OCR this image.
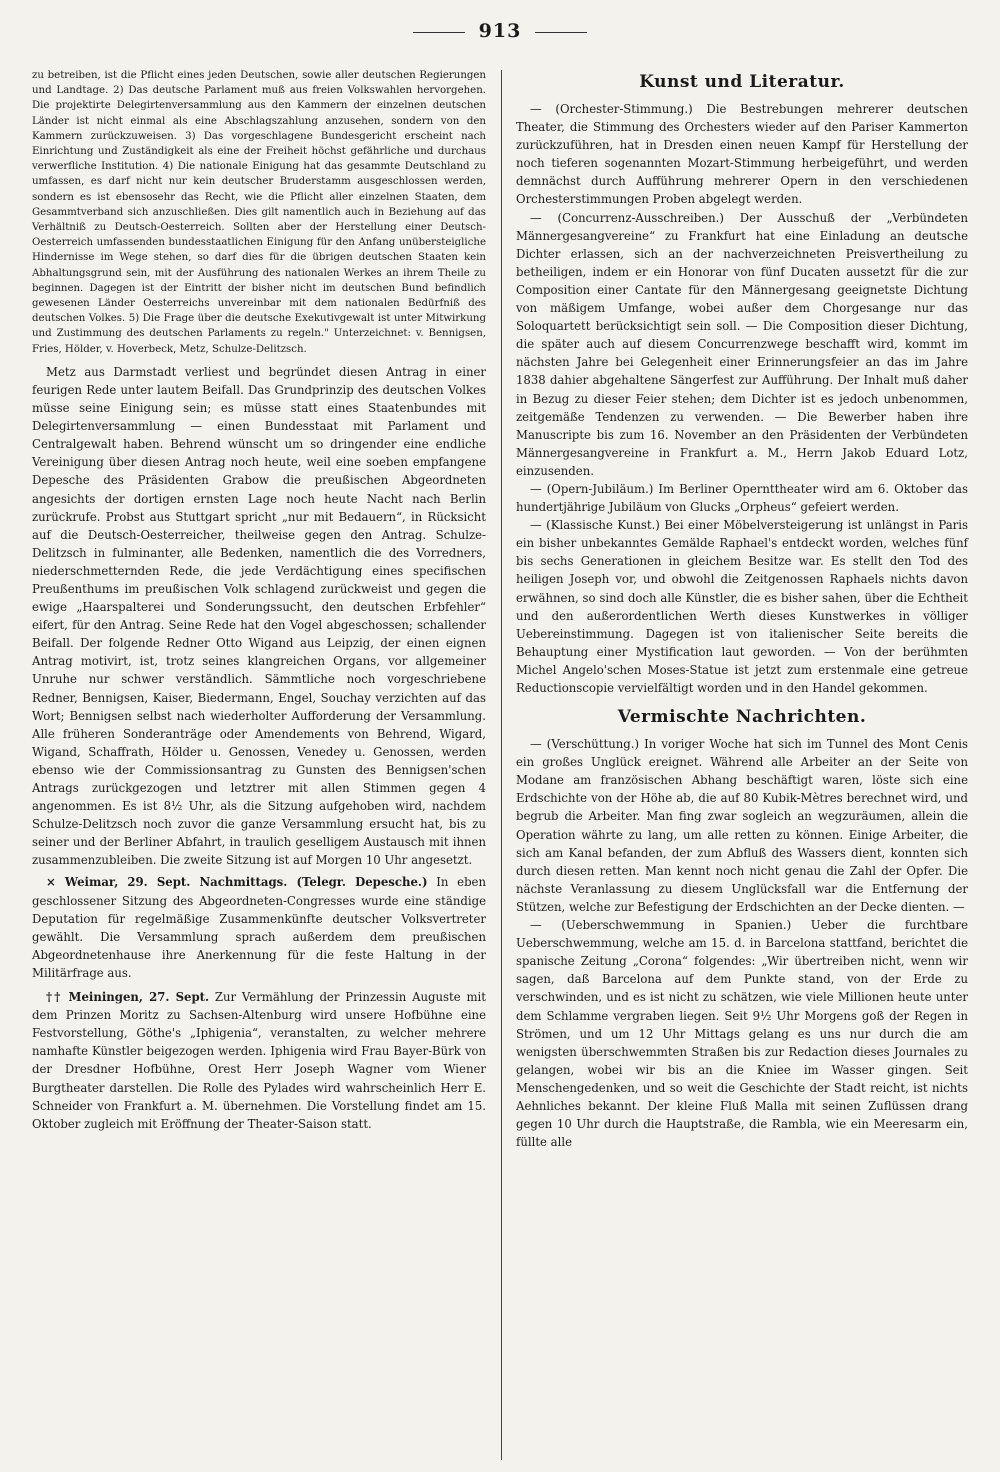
913

zu betreiben, ist die Pflicht eines jeden Deutschen, sowie aller deutschen Regierungen und Landtage. 2) Das deutsche Parlament muß aus freien Volkswahlen hervorgehen. Die projektirte Delegirtenversammlung aus den Kammern der einzelnen deutschen Länder ist nicht einmal als eine Abschlagszahlung anzusehen, sondern von den Kammern zurückzuweisen. 3) Das vorgeschlagene Bundesgericht erscheint nach Einrichtung und Zuständigkeit als eine der Freiheit höchst gefährliche und durchaus verwerfliche Institution. 4) Die nationale Einigung hat das gesammte Deutschland zu umfassen, es darf nicht nur kein deutscher Bruderstamm ausgeschlossen werden, sondern es ist ebensosehr das Recht, wie die Pflicht aller einzelnen Staaten, dem Gesammtverband sich anzuschließen. Dies gilt namentlich auch in Beziehung auf das Verhältniß zu Deutsch-Oesterreich. Sollten aber der Herstellung einer Deutsch-Oesterreich umfassenden bundesstaatlichen Einigung für den Anfang unübersteigliche Hindernisse im Wege stehen, so darf dies für die übrigen deutschen Staaten kein Abhaltungsgrund sein, mit der Ausführung des nationalen Werkes an ihrem Theile zu beginnen. Dagegen ist der Eintritt der bisher nicht im deutschen Bund befindlich gewesenen Länder Oesterreichs unvereinbar mit dem nationalen Bedürfniß des deutschen Volkes. 5) Die Frage über die deutsche Exekutivgewalt ist unter Mitwirkung und Zustimmung des deutschen Parlaments zu regeln." Unterzeichnet: v. Bennigsen, Fries, Hölder, v. Hoverbeck, Metz, Schulze-Delitzsch.

Metz aus Darmstadt verliest und begründet diesen Antrag in einer feurigen Rede unter lautem Beifall. Das Grundprinzip des deutschen Volkes müsse seine Einigung sein; es müsse statt eines Staatenbundes mit Delegirtenversammlung — einen Bundesstaat mit Parlament und Centralgewalt haben. Behrend wünscht um so dringender eine endliche Vereinigung über diesen Antrag noch heute, weil eine soeben empfangene Depesche des Präsidenten Grabow die preußischen Abgeordneten angesichts der dortigen ernsten Lage noch heute Nacht nach Berlin zurückrufe. Probst aus Stuttgart spricht „nur mit Bedauern“, in Rücksicht auf die Deutsch-Oesterreicher, theilweise gegen den Antrag. Schulze-Delitzsch in fulminanter, alle Bedenken, namentlich die des Vorredners, niederschmetternden Rede, die jede Verdächtigung eines specifischen Preußenthums im preußischen Volk schlagend zurückweist und gegen die ewige „Haarspalterei und Sonderungssucht, den deutschen Erbfehler“ eifert, für den Antrag. Seine Rede hat den Vogel abgeschossen; schallender Beifall. Der folgende Redner Otto Wigand aus Leipzig, der einen eignen Antrag motivirt, ist, trotz seines klangreichen Organs, vor allgemeiner Unruhe nur schwer verständlich. Sämmtliche noch vorgeschriebene Redner, Bennigsen, Kaiser, Biedermann, Engel, Souchay verzichten auf das Wort; Bennigsen selbst nach wiederholter Aufforderung der Versammlung. Alle früheren Sonderanträge oder Amendements von Behrend, Wigard, Wigand, Schaffrath, Hölder u. Genossen, Venedey u. Genossen, werden ebenso wie der Commissionsantrag zu Gunsten des Bennigsen'schen Antrags zurückgezogen und letztrer mit allen Stimmen gegen 4 angenommen. Es ist 8½ Uhr, als die Sitzung aufgehoben wird, nachdem Schulze-Delitzsch noch zuvor die ganze Versammlung ersucht hat, bis zu seiner und der Berliner Abfahrt, in traulich geselligem Austausch mit ihnen zusammenzubleiben. Die zweite Sitzung ist auf Morgen 10 Uhr angesetzt.

× Weimar, 29. Sept. Nachmittags. (Telegr. Depesche.) In eben geschlossener Sitzung des Abgeordneten-Congresses wurde eine ständige Deputation für regelmäßige Zusammenkünfte deutscher Volksvertreter gewählt. Die Versammlung sprach außerdem dem preußischen Abgeordnetenhause ihre Anerkennung für die feste Haltung in der Militärfrage aus.

†† Meiningen, 27. Sept. Zur Vermählung der Prinzessin Auguste mit dem Prinzen Moritz zu Sachsen-Altenburg wird unsere Hofbühne eine Festvorstellung, Göthe's „Iphigenia“, veranstalten, zu welcher mehrere namhafte Künstler beigezogen werden. Iphigenia wird Frau Bayer-Bürk von der Dresdner Hofbühne, Orest Herr Joseph Wagner vom Wiener Burgtheater darstellen. Die Rolle des Pylades wird wahrscheinlich Herr E. Schneider von Frankfurt a. M. übernehmen. Die Vorstellung findet am 15. Oktober zugleich mit Eröffnung der Theater-Saison statt.

Kunst und Literatur.

— (Orchester-Stimmung.) Die Bestrebungen mehrerer deutschen Theater, die Stimmung des Orchesters wieder auf den Pariser Kammerton zurückzuführen, hat in Dresden einen neuen Kampf für Herstellung der noch tieferen sogenannten Mozart-Stimmung herbeigeführt, und werden demnächst durch Aufführung mehrerer Opern in den verschiedenen Orchesterstimmungen Proben abgelegt werden.

— (Concurrenz-Ausschreiben.) Der Ausschuß der „Verbündeten Männergesangvereine“ zu Frankfurt hat eine Einladung an deutsche Dichter erlassen, sich an der nachverzeichneten Preisvertheilung zu betheiligen, indem er ein Honorar von fünf Ducaten aussetzt für die zur Composition einer Cantate für den Männergesang geeignetste Dichtung von mäßigem Umfange, wobei außer dem Chorgesange nur das Soloquartett berücksichtigt sein soll. — Die Composition dieser Dichtung, die später auch auf diesem Concurrenzwege beschafft wird, kommt im nächsten Jahre bei Gelegenheit einer Erinnerungsfeier an das im Jahre 1838 dahier abgehaltene Sängerfest zur Aufführung. Der Inhalt muß daher in Bezug zu dieser Feier stehen; dem Dichter ist es jedoch unbenommen, zeitgemäße Tendenzen zu verwenden. — Die Bewerber haben ihre Manuscripte bis zum 16. November an den Präsidenten der Verbündeten Männergesangvereine in Frankfurt a. M., Herrn Jakob Eduard Lotz, einzusenden.

— (Opern-Jubiläum.) Im Berliner Opernttheater wird am 6. Oktober das hundertjährige Jubiläum von Glucks „Orpheus“ gefeiert werden.

— (Klassische Kunst.) Bei einer Möbelversteigerung ist unlängst in Paris ein bisher unbekanntes Gemälde Raphael's entdeckt worden, welches fünf bis sechs Generationen in gleichem Besitze war. Es stellt den Tod des heiligen Joseph vor, und obwohl die Zeitgenossen Raphaels nichts davon erwähnen, so sind doch alle Künstler, die es bisher sahen, über die Echtheit und den außerordentlichen Werth dieses Kunstwerkes in völliger Uebereinstimmung. Dagegen ist von italienischer Seite bereits die Behauptung einer Mystification laut geworden. — Von der berühmten Michel Angelo'schen Moses-Statue ist jetzt zum erstenmale eine getreue Reductionscopie vervielfältigt worden und in den Handel gekommen.

Vermischte Nachrichten.

— (Verschüttung.) In voriger Woche hat sich im Tunnel des Mont Cenis ein großes Unglück ereignet. Während alle Arbeiter an der Seite von Modane am französischen Abhang beschäftigt waren, löste sich eine Erdschichte von der Höhe ab, die auf 80 Kubik-Mètres berechnet wird, und begrub die Arbeiter. Man fing zwar sogleich an wegzuräumen, allein die Operation währte zu lang, um alle retten zu können. Einige Arbeiter, die sich am Kanal befanden, der zum Abfluß des Wassers dient, konnten sich durch diesen retten. Man kennt noch nicht genau die Zahl der Opfer. Die nächste Veranlassung zu diesem Unglücksfall war die Entfernung der Stützen, welche zur Befestigung der Erdschichten an der Decke dienten. —

— (Ueberschwemmung in Spanien.) Ueber die furchtbare Ueberschwemmung, welche am 15. d. in Barcelona stattfand, berichtet die spanische Zeitung „Corona“ folgendes: „Wir übertreiben nicht, wenn wir sagen, daß Barcelona auf dem Punkte stand, von der Erde zu verschwinden, und es ist nicht zu schätzen, wie viele Millionen heute unter dem Schlamme vergraben liegen. Seit 9½ Uhr Morgens goß der Regen in Strömen, und um 12 Uhr Mittags gelang es uns nur durch die am wenigsten überschwemmten Straßen bis zur Redaction dieses Journales zu gelangen, wobei wir bis an die Kniee im Wasser gingen. Seit Menschengedenken, und so weit die Geschichte der Stadt reicht, ist nichts Aehnliches bekannt. Der kleine Fluß Malla mit seinen Zuflüssen drang gegen 10 Uhr durch die Hauptstraße, die Rambla, wie ein Meeresarm ein, füllte alle
